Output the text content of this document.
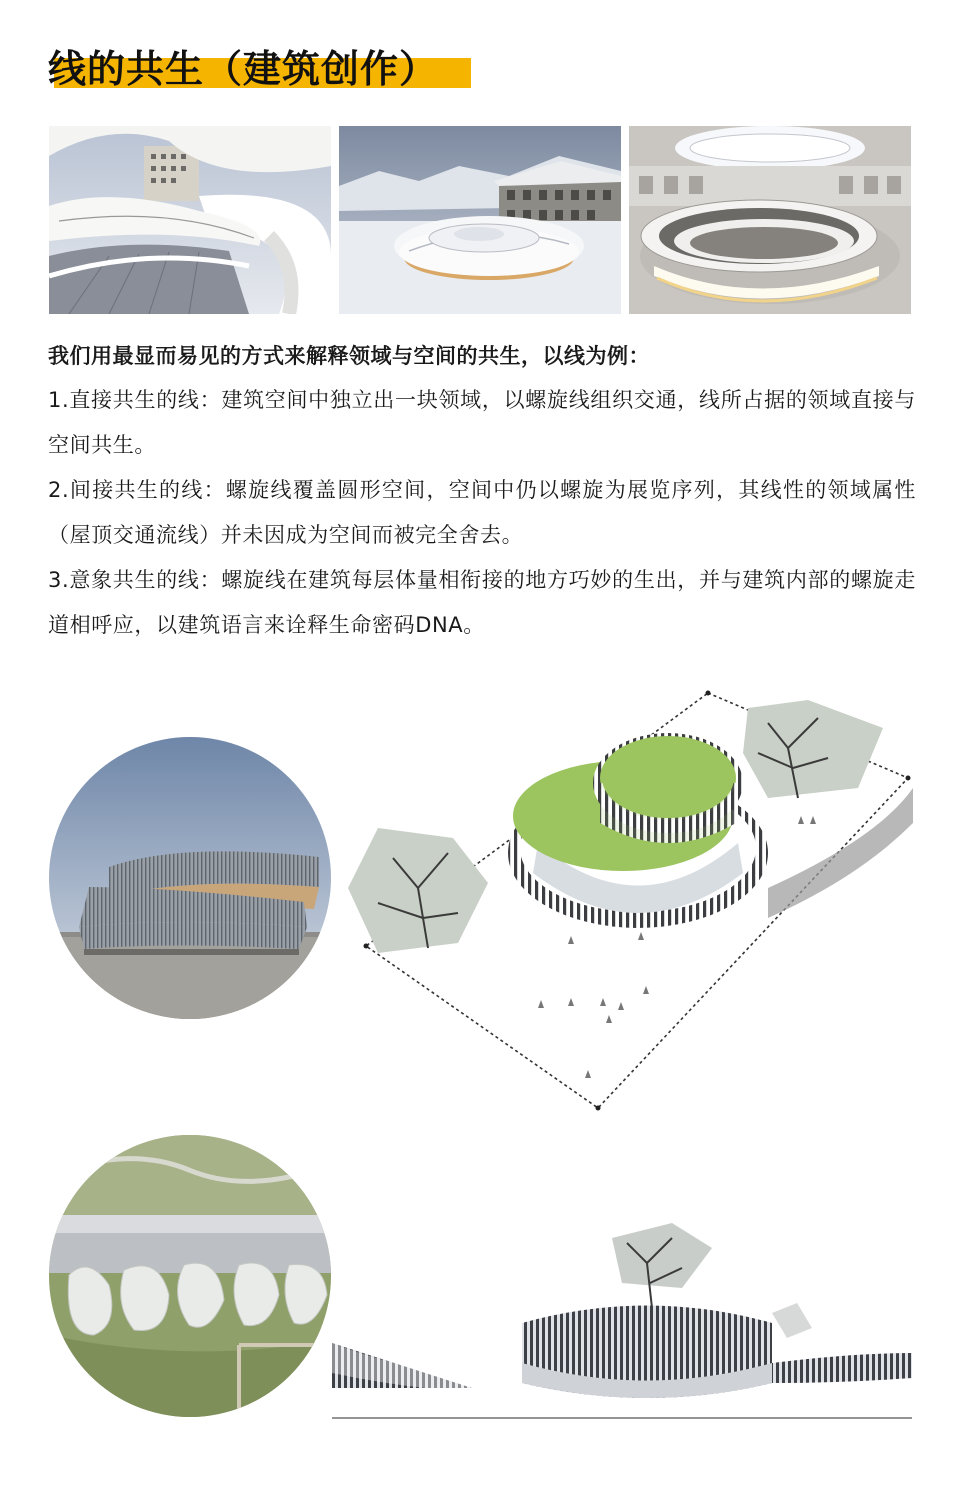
线的共生（建筑创作）

我们用最显而易见的方式来解释领域与空间的共生，以线为例：

1.直接共生的线：建筑空间中独立出一块领域，以螺旋线组织交通，线所占据的领域直接与空间共生。

2.间接共生的线：螺旋线覆盖圆形空间，空间中仍以螺旋为展览序列，其线性的领域属性（屋顶交通流线）并未因成为空间而被完全舍去。

3.意象共生的线：螺旋线在建筑每层体量相衔接的地方巧妙的生出，并与建筑内部的螺旋走道相呼应，以建筑语言来诠释生命密码DNA。
